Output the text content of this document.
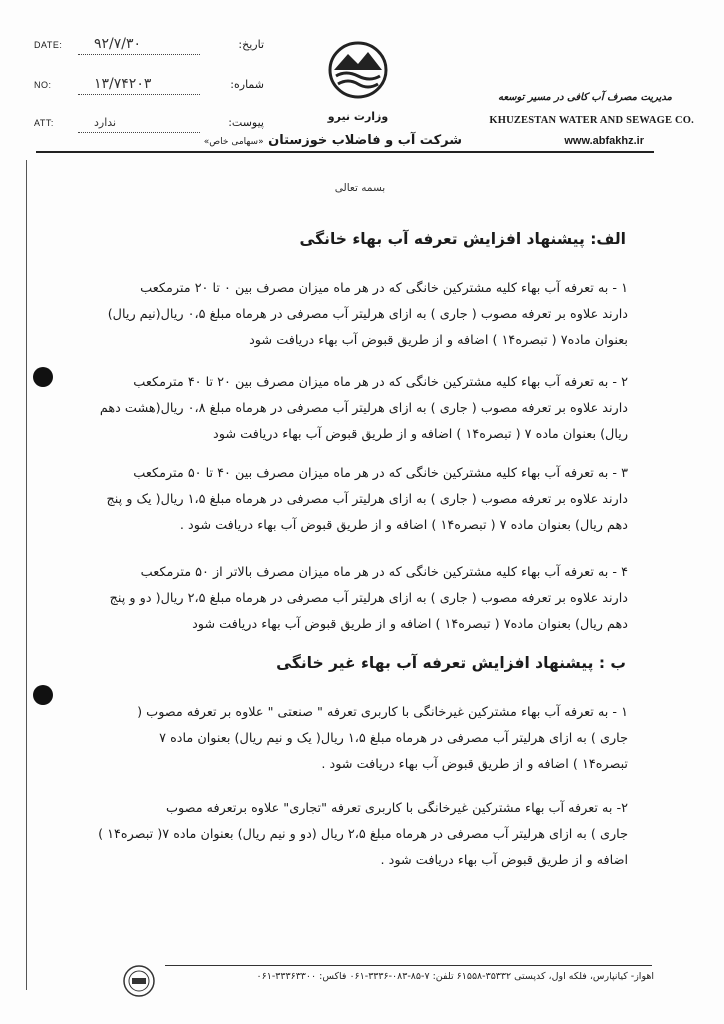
DATE: ۹۲/۷/۳۰	تاریخ:
NO:	۱۳/۷۴۲۰۳	شماره:
ATT:	ندارد	پیوست:	وزارت نیرو
شرکت آب و فاضلاب خوزستان «سهامی خاص»
مدیریت مصرف آب کافی در مسیر توسعه
KHUZESTAN WATER AND SEWAGE CO.
www.abfakhz.ir
بسمه تعالی
الف: پیشنهاد افزایش تعرفه آب بهاء خانگی

۱ - به تعرفه آب بهاء کلیه مشترکین خانگی که در هر ماه میزان مصرف بین ۰ تا ۲۰ مترمکعب

دارند علاوه بر تعرفه مصوب ( جاری ) به ازای هرلیتر آب مصرفی در هرماه مبلغ ۰،۵ ریال(نیم ریال)

بعنوان ماده۷ ( تبصره۱۴ ) اضافه و از طریق قبوض آب بهاء دریافت شود

۲ - به تعرفه آب بهاء کلیه مشترکین خانگی که در هر ماه میزان مصرف بین ۲۰ تا ۴۰ مترمکعب

دارند علاوه بر تعرفه مصوب ( جاری ) به ازای هرلیتر آب مصرفی در هرماه مبلغ ۰،۸ ریال(هشت دهم

ریال) بعنوان ماده ۷ ( تبصره۱۴ ) اضافه و از طریق قبوض آب بهاء دریافت شود

۳ - به تعرفه آب بهاء کلیه مشترکین خانگی که در هر ماه میزان مصرف بین ۴۰ تا ۵۰ مترمکعب

دارند علاوه بر تعرفه مصوب ( جاری ) به ازای هرلیتر آب مصرفی در هرماه مبلغ ۱،۵ ریال( یک و پنج

دهم ریال) بعنوان ماده ۷ ( تبصره۱۴ ) اضافه و از طریق قبوض آب بهاء دریافت شود .

۴ - به تعرفه آب بهاء کلیه مشترکین خانگی که در هر ماه میزان مصرف بالاتر از ۵۰ مترمکعب

دارند علاوه بر تعرفه مصوب ( جاری ) به ازای هرلیتر آب مصرفی در هرماه مبلغ ۲،۵ ریال( دو و پنج

دهم ریال) بعنوان ماده۷ ( تبصره۱۴ ) اضافه و از طریق قبوض آب بهاء دریافت شود

ب : پیشنهاد افزایش تعرفه آب بهاء غیر خانگی

۱ - به تعرفه آب بهاء مشترکین غیرخانگی با کاربری تعرفه " صنعتی " علاوه بر تعرفه مصوب (

جاری ) به ازای هرلیتر آب مصرفی در هرماه مبلغ ۱،۵ ریال( یک و نیم ریال) بعنوان ماده ۷

تبصره۱۴ ) اضافه و از طریق قبوض آب بهاء دریافت شود .

۲- به تعرفه آب بهاء مشترکین غیرخانگی با کاربری تعرفه "تجاری" علاوه برتعرفه مصوب

جاری ) به ازای هرلیتر آب مصرفی در هرماه مبلغ ۲،۵ ریال (دو و نیم ریال) بعنوان ماده ۷( تبصره۱۴ )

اضافه و از طریق قبوض آب بهاء دریافت شود .

اهواز- کیانپارس، فلکه اول، کدپستی ۳۵۳۳۲-۶۱۵۵۸ تلفن: ۷-۸۵-۰۸۳-۳۳۳۶-۰۶۱ فاکس: ۳۳۳۶۳۳۰۰-۰۶۱
